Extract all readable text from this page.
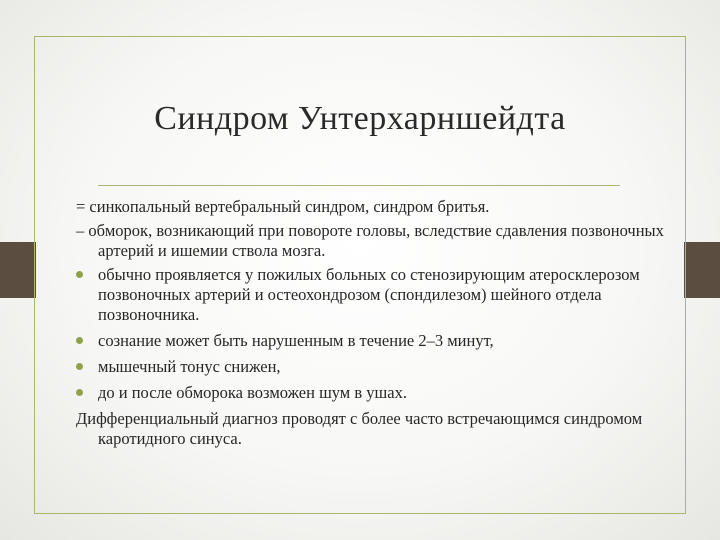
Синдром Унтерхарншейдта

= синкопальный вертебральный синдром, синдром бритья.

– обморок, возникающий при повороте головы, вследствие сдавления позвоночных артерий и ишемии ствола мозга.

обычно проявляется у пожилых больных со стенозирующим атеросклерозом позвоночных артерий и остеохондрозом (спондилезом) шейного отдела позвоночника.
сознание может быть нарушенным в течение 2–3 минут,
мышечный тонус снижен,
до и после обморока возможен шум в ушах.

Дифференциальный диагноз проводят с более часто встречающимся синдромом каротидного синуса.
